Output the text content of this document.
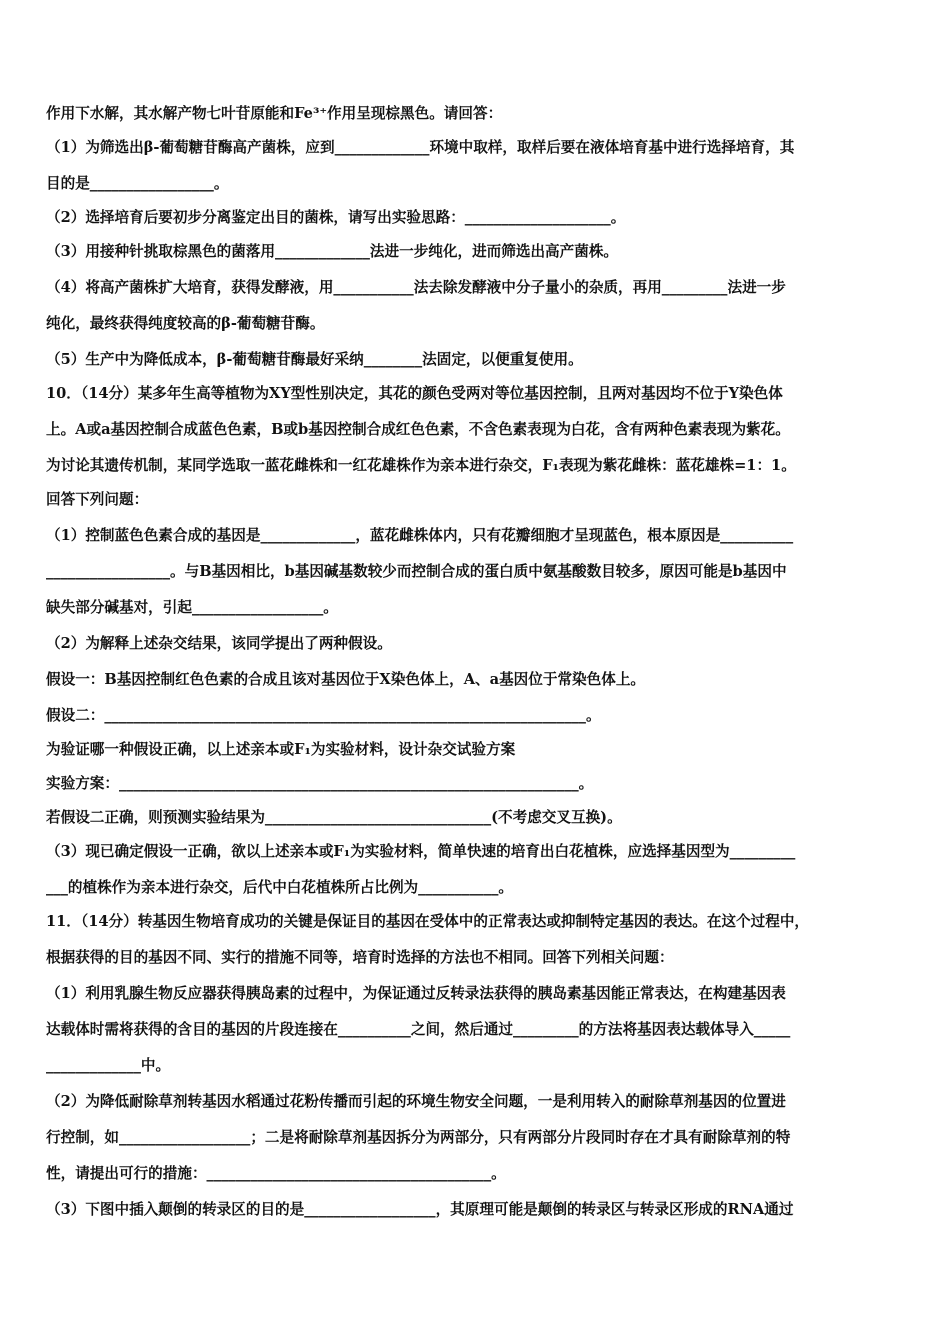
作用下水解，其水解产物七叶苷原能和Fe³⁺作用呈现棕黑色。请回答：
（1）为筛选出β-葡萄糖苷酶高产菌株，应到_____________环境中取样，取样后要在液体培育基中进行选择培育，其
目的是_________________。
（2）选择培育后要初步分离鉴定出目的菌株，请写出实验思路：____________________。
（3）用接种针挑取棕黑色的菌落用_____________法进一步纯化，进而筛选出高产菌株。
（4）将高产菌株扩大培育，获得发酵液，用___________法去除发酵液中分子量小的杂质，再用_________法进一步
纯化，最终获得纯度较高的β-葡萄糖苷酶。
（5）生产中为降低成本，β-葡萄糖苷酶最好采纳________法固定，以便重复使用。
10．（14分）某多年生高等植物为XY型性别决定，其花的颜色受两对等位基因控制，且两对基因均不位于Y染色体
上。A或a基因控制合成蓝色色素，B或b基因控制合成红色色素，不含色素表现为白花，含有两种色素表现为紫花。
为讨论其遗传机制，某同学选取一蓝花雌株和一红花雄株作为亲本进行杂交，F₁表现为紫花雌株：蓝花雄株=1：1。
回答下列问题：
（1）控制蓝色色素合成的基因是_____________，蓝花雌株体内，只有花瓣细胞才呈现蓝色，根本原因是__________
_________________。与B基因相比，b基因碱基数较少而控制合成的蛋白质中氨基酸数目较多，原因可能是b基因中
缺失部分碱基对，引起__________________。
（2）为解释上述杂交结果，该同学提出了两种假设。
假设一：B基因控制红色色素的合成且该对基因位于X染色体上，A、a基因位于常染色体上。
假设二：__________________________________________________________________。
为验证哪一种假设正确，以上述亲本或F₁为实验材料，设计杂交试验方案
实验方案：_______________________________________________________________。
若假设二正确，则预测实验结果为_______________________________(不考虑交叉互换)。
（3）现已确定假设一正确，欲以上述亲本或F₁为实验材料，简单快速的培育出白花植株，应选择基因型为_________
___的植株作为亲本进行杂交，后代中白花植株所占比例为___________。
11．（14分）转基因生物培育成功的关键是保证目的基因在受体中的正常表达或抑制特定基因的表达。在这个过程中，
根据获得的目的基因不同、实行的措施不同等，培育时选择的方法也不相同。回答下列相关问题：
（1）利用乳腺生物反应器获得胰岛素的过程中，为保证通过反转录法获得的胰岛素基因能正常表达，在构建基因表
达载体时需将获得的含目的基因的片段连接在__________之间，然后通过_________的方法将基因表达载体导入_____
_____________中。
（2）为降低耐除草剂转基因水稻通过花粉传播而引起的环境生物安全问题，一是利用转入的耐除草剂基因的位置进
行控制，如__________________；二是将耐除草剂基因拆分为两部分，只有两部分片段同时存在才具有耐除草剂的特
性，请提出可行的措施：_______________________________________。
（3）下图中插入颠倒的转录区的目的是__________________，其原理可能是颠倒的转录区与转录区形成的RNA通过
